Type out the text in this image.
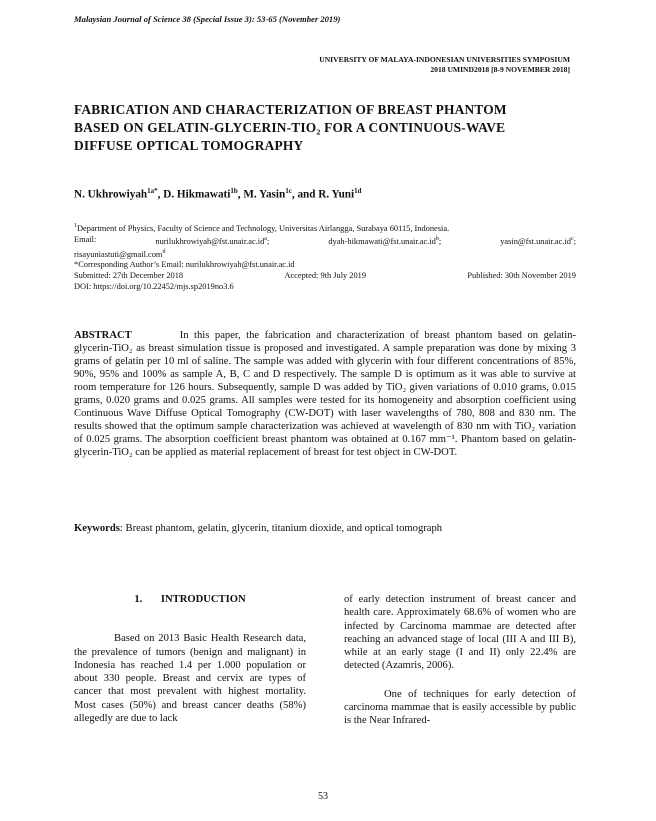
Malaysian Journal of Science 38 (Special Issue 3): 53-65 (November 2019)
UNIVERSITY OF MALAYA-INDONESIAN UNIVERSITIES SYMPOSIUM
2018 UMIND2018 [8-9 NOVEMBER 2018]
FABRICATION AND CHARACTERIZATION OF BREAST PHANTOM
BASED ON GELATIN-GLYCERIN-TIO₂ FOR A CONTINUOUS-WAVE
DIFFUSE OPTICAL TOMOGRAPHY
N. Ukhrowiyah$^{1a*}$, D. Hikmawati$^{1b}$, M. Yasin$^{1c}$, and R. Yuni$^{1d}$
$^1$Department of Physics, Faculty of Science and Technology, Universitas Airlangga, Surabaya 60115, Indonesia.
Email:	$nurilukhrowiyah@fst.unair.ac.id^a$;	dyah-$hikmawati@fst.unair.ac.id^b$;	$yasin@fst.unair.ac.id^c$;
risayuniastuti@gmail.com$^d$
*Corresponding Author’s Email: nurilukhrowiyah@fst.unair.ac.id
Submitted: 27th December 2018	Accepted: 9th July 2019	Published: 30th November 2019
DOI: https://doi.org/10.22452/mjs.sp2019no3.6
ABSTRACT	In this paper, the fabrication and characterization of breast phantom based on gelatin-glycerin-TiO₂ as breast simulation tissue is proposed and investigated. A sample preparation was done by mixing 3 grams of gelatin per 10 ml of saline. The sample was added with glycerin with four different concentrations of 85%, 90%, 95% and 100% as sample A, B, C and D respectively. The sample D is optimum as it was able to survive at room temperature for 126 hours. Subsequently, sample D was added by TiO₂ given variations of 0.010 grams, 0.015 grams, 0.020 grams and 0.025 grams. All samples were tested for its homogeneity and absorption coefficient using Continuous Wave Diffuse Optical Tomography (CW-DOT) with laser wavelengths of 780, 808 and 830 nm. The results showed that the optimum sample characterization was achieved at wavelength of 830 nm with TiO₂ variation of 0.025 grams. The absorption coefficient breast phantom was obtained at 0.167 mm⁻¹. Phantom based on gelatin-glycerin-TiO₂ can be applied as material replacement of breast for test object in CW-DOT.
Keywords: Breast phantom, gelatin, glycerin, titanium dioxide, and optical tomograph

1.       INTRODUCTION

Based on 2013 Basic Health Research data, the prevalence of tumors (benign and malignant) in Indonesia has reached 1.4 per 1.000 population or about 330 people. Breast and cervix are types of cancer that most prevalent with highest mortality. Most cases (50%) and breast cancer deaths (58%) allegedly are due to lack

of early detection instrument of breast cancer and health care. Approximately 68.6% of women who are infected by Carcinoma mammae are detected after reaching an advanced stage of local (III A and III B), while at an early stage (I and II) only 22.4% are detected (Azamris, 2006).

One of techniques for early detection of carcinoma mammae that is easily accessible by public is the Near Infrared-

53
